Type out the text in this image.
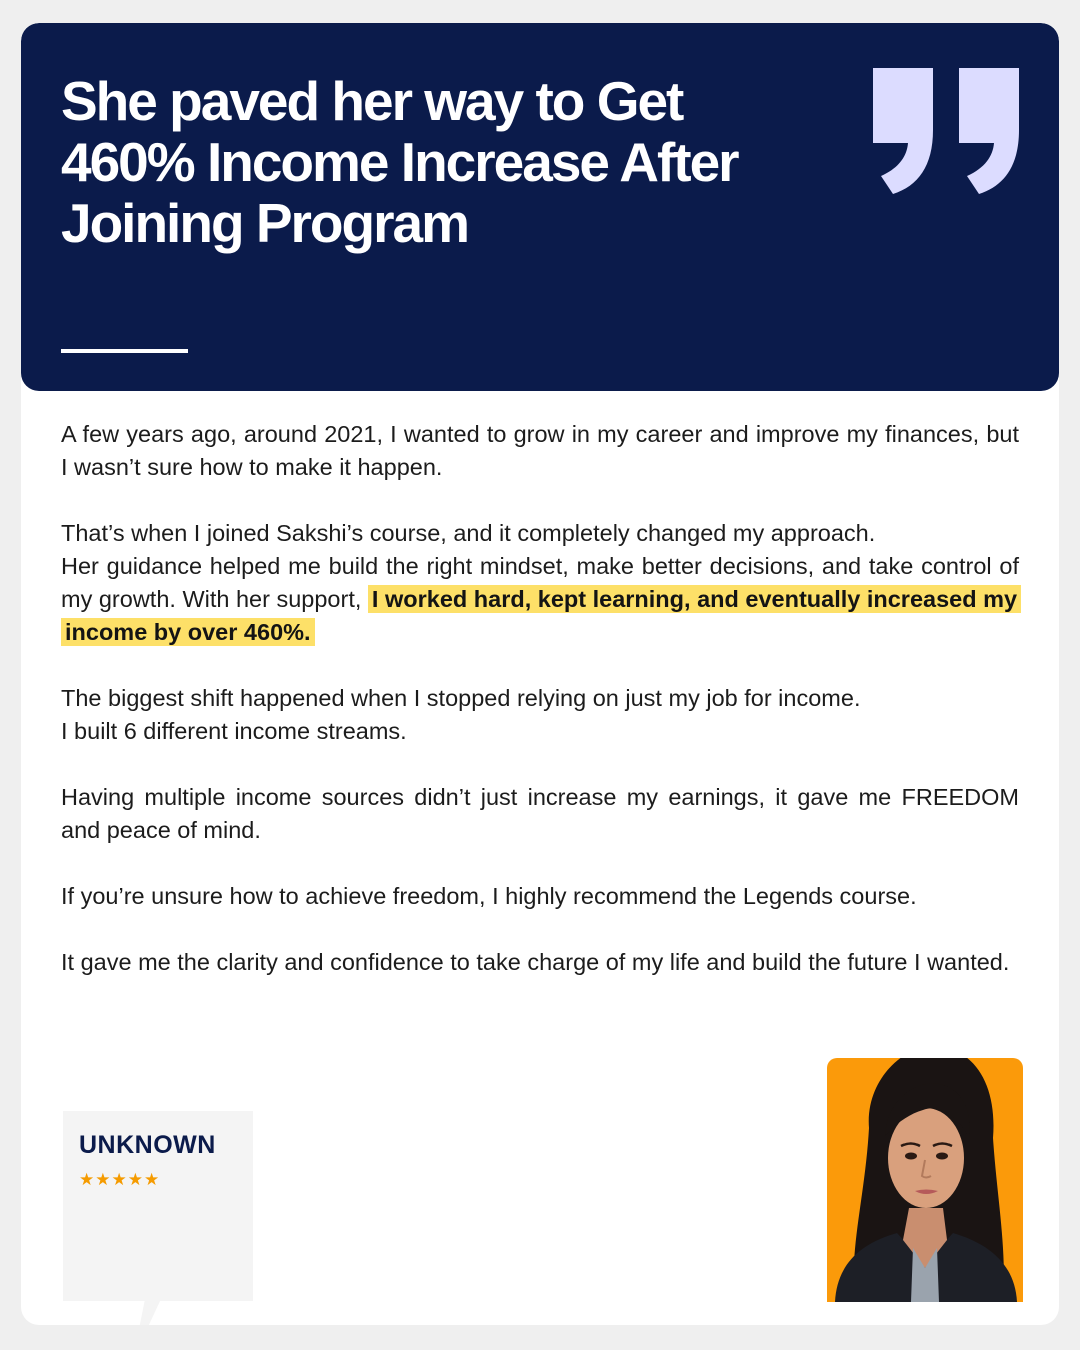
She paved her way to Get
460% Income Increase After
Joining Program

A few years ago, around 2021, I wanted to grow in my career and improve my finances, but I wasn’t sure how to make it happen.

That’s when I joined Sakshi’s course, and it completely changed my approach.
Her guidance helped me build the right mindset, make better decisions, and take control of my growth. With her support, I worked hard, kept learning, and eventually increased my income by over 460%.

The biggest shift happened when I stopped relying on just my job for income.
I built 6 different income streams.

Having multiple income sources didn’t just increase my earnings, it gave me FREEDOM and peace of mind.

If you’re unsure how to achieve freedom, I highly recommend the Legends course.

It gave me the clarity and confidence to take charge of my life and build the future I wanted.

UNKNOWN

★★★★★
